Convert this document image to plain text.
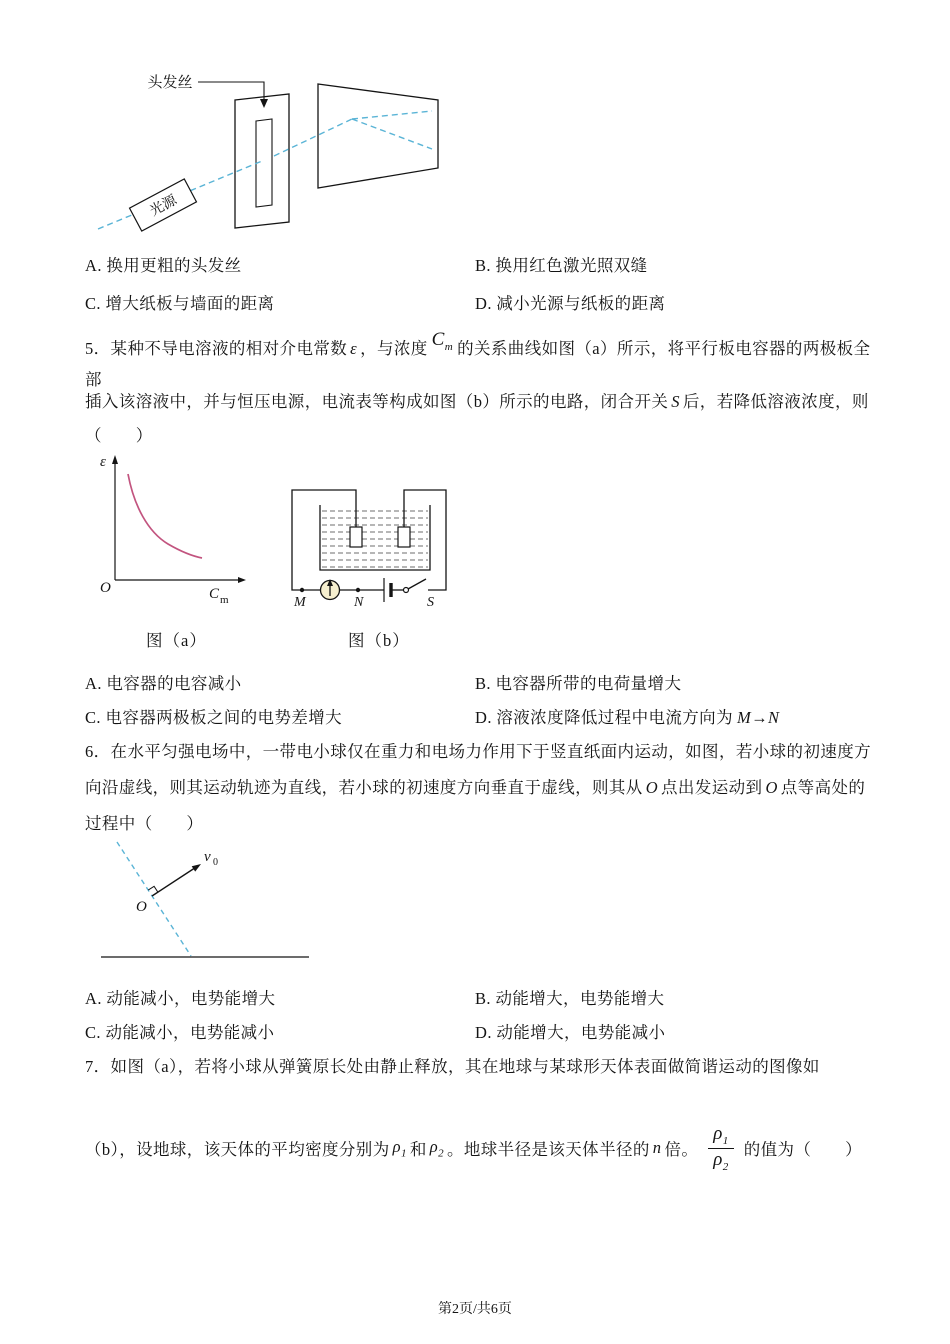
头发丝
光源
A. 换用更粗的头发丝	B. 换用红色激光照双缝
C. 增大纸板与墙面的距离	D. 减小光源与纸板的距离
5．某种不导电溶液的相对介电常数 ε ，与浓度 $C_m$ 的关系曲线如图（a）所示，将平行板电容器的两极板全部
插入该溶液中，并与恒压电源，电流表等构成如图（b）所示的电路，闭合开关 S 后，若降低溶液浓度，则
（　　）
ε
O	C m	M	N	S
图（a）	图（b）
A. 电容器的电容减小	B. 电容器所带的电荷量增大
C. 电容器两极板之间的电势差增大	D. 溶液浓度降低过程中电流方向为 M→N
6．在水平匀强电场中，一带电小球仅在重力和电场力作用下于竖直纸面内运动，如图，若小球的初速度方
向沿虚线，则其运动轨迹为直线，若小球的初速度方向垂直于虚线，则其从 O 点出发运动到 O 点等高处的
过程中（　　）
v 0
O
A. 动能减小，电势能增大	B. 动能增大，电势能增大
C. 动能减小，电势能减小	D. 动能增大，电势能减小
7．如图（a），若将小球从弹簧原长处由静止释放，其在地球与某球形天体表面做简谐运动的图像如
（b），设地球，该天体的平均密度分别为 $\rho_1$ 和 $\rho_2$ 。地球半径是该天体半径的 n 倍。 $\frac{\rho_1}{\rho_2}$ 的值为（　　）
第2页/共6页
